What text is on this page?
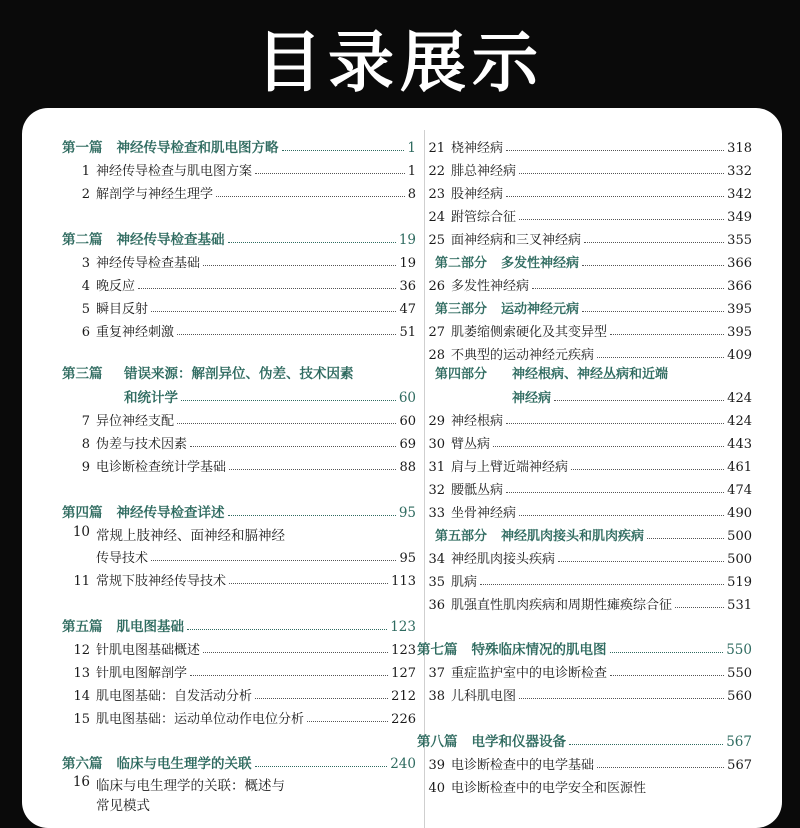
目录展示
第一篇	神经传导检查和肌电图方略	1
1 神经传导检查与肌电图方案	1
2 解剖学与神经生理学	8
第二篇	神经传导检查基础	19
3 神经传导检查基础	19
4 晚反应	36
5 瞬目反射	47
6 重复神经刺激	51
第三篇 错误来源：解剖异位、伪差、技术因素
和统计学	60
7 异位神经支配	60
8 伪差与技术因素	69
9 电诊断检查统计学基础	88
第四篇	神经传导检查详述	95
10 常规上肢神经、面神经和膈神经
传导技术	95
11 常规下肢神经传导技术	113
第五篇	肌电图基础	123
12 针肌电图基础概述	123
13 针肌电图解剖学	127
14 肌电图基础：自发活动分析	212
15 肌电图基础：运动单位动作电位分析	226
第六篇	临床与电生理学的关联	240
16 临床与电生理学的关联：概述与
常见模式
21 桡神经病	318
22 腓总神经病	332
23 股神经病	342
24 跗管综合征	349
25 面神经病和三叉神经病	355
第二部分	多发性神经病	366
26 多发性神经病	366
第三部分	运动神经元病	395
27 肌萎缩侧索硬化及其变异型	395
28 不典型的运动神经元疾病	409
第四部分 神经根病、神经丛病和近端
神经病	424
29 神经根病	424
30 臂丛病	443
31 肩与上臂近端神经病	461
32 腰骶丛病	474
33 坐骨神经病	490
第五部分	神经肌肉接头和肌肉疾病	500
34 神经肌肉接头疾病	500
35 肌病	519
36 肌强直性肌肉疾病和周期性瘫痪综合征	531
第七篇	特殊临床情况的肌电图	550
37 重症监护室中的电诊断检查	550
38 儿科肌电图	560
第八篇	电学和仪器设备	567
39 电诊断检查中的电学基础	567
40 电诊断检查中的电学安全和医源性
